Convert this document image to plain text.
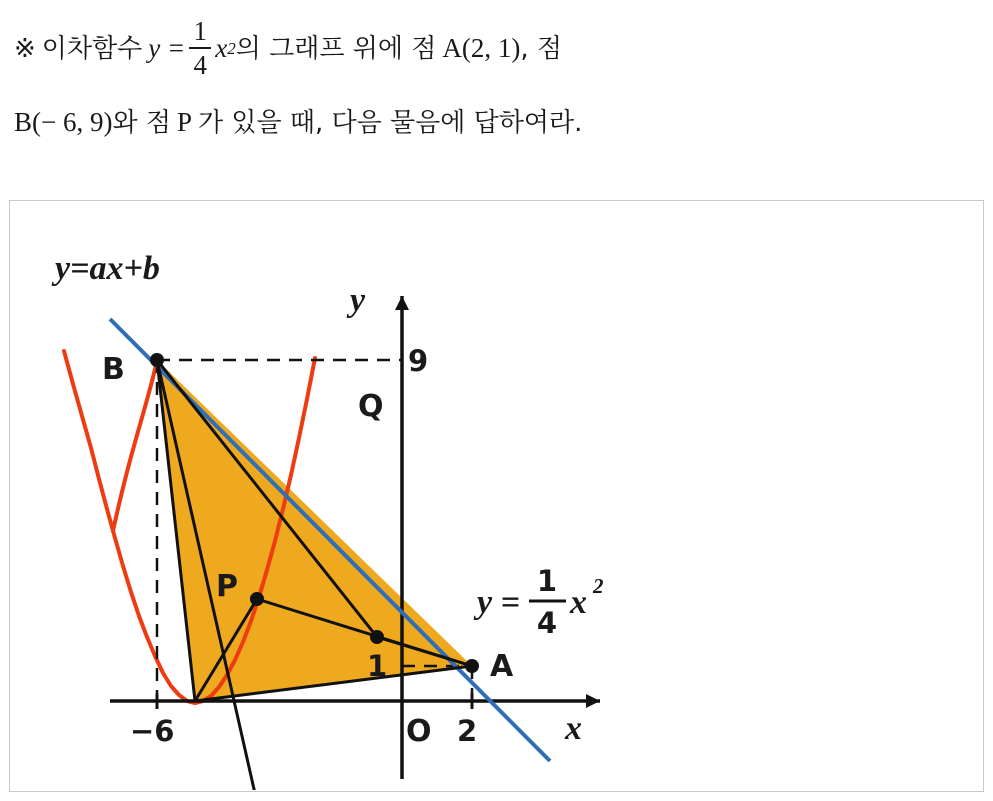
※ 이차함수 $y = \frac{1}{4}$ x 2 의 그래프 위에 점 A (2, 1) , 점
B (− 6, 9) 와 점 P 가 있을 때, 다음 물음에 답하여라.
y=ax+b
B
P
Q
A
O
9
1
−6	2	x
y
y =
1
4
x 2
